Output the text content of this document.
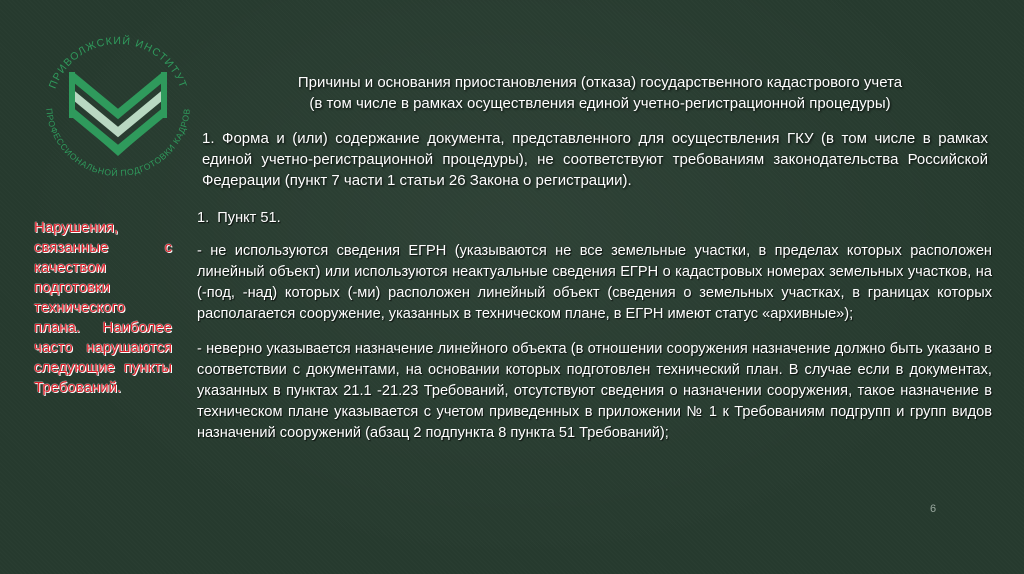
ПРИВОЛЖСКИЙ ИНСТИТУТ
ПРОФЕССИОНАЛЬНОЙ ПОДГОТОВКИ КАДРОВ
Причины и основания приостановления (отказа) государственного кадастрового учета
(в том числе в рамках осуществления единой учетно-регистрационной процедуры)
1. Форма и (или) содержание документа, представленного для осуществления ГКУ (в том числе в рамках единой учетно-регистрационной процедуры), не соответствуют требованиям законодательства Российской Федерации (пункт 7 части 1 статьи 26 Закона о регистрации).
Нарушения, связанные с качеством подготовки технического плана. Наиболее часто нарушаются следующие пункты Требований.
1. Пункт 51.
- не используются сведения ЕГРН (указываются не все земельные участки, в пределах которых расположен линейный объект) или используются неактуальные сведения ЕГРН о кадастровых номерах земельных участков, на (-под, -над) которых (-ми) расположен линейный объект (сведения о земельных участках, в границах которых располагается сооружение, указанных в техническом плане, в ЕГРН имеют статус «архивные»);
- неверно указывается назначение линейного объекта (в отношении сооружения назначение должно быть указано в соответствии с документами, на основании которых подготовлен технический план. В случае если в документах, указанных в пунктах 21.1 -21.23 Требований, отсутствуют сведения о назначении сооружения, такое назначение в техническом плане указывается с учетом приведенных в приложении № 1 к Требованиям подгрупп и групп видов назначений сооружений (абзац 2 подпункта 8 пункта 51 Требований);
6
